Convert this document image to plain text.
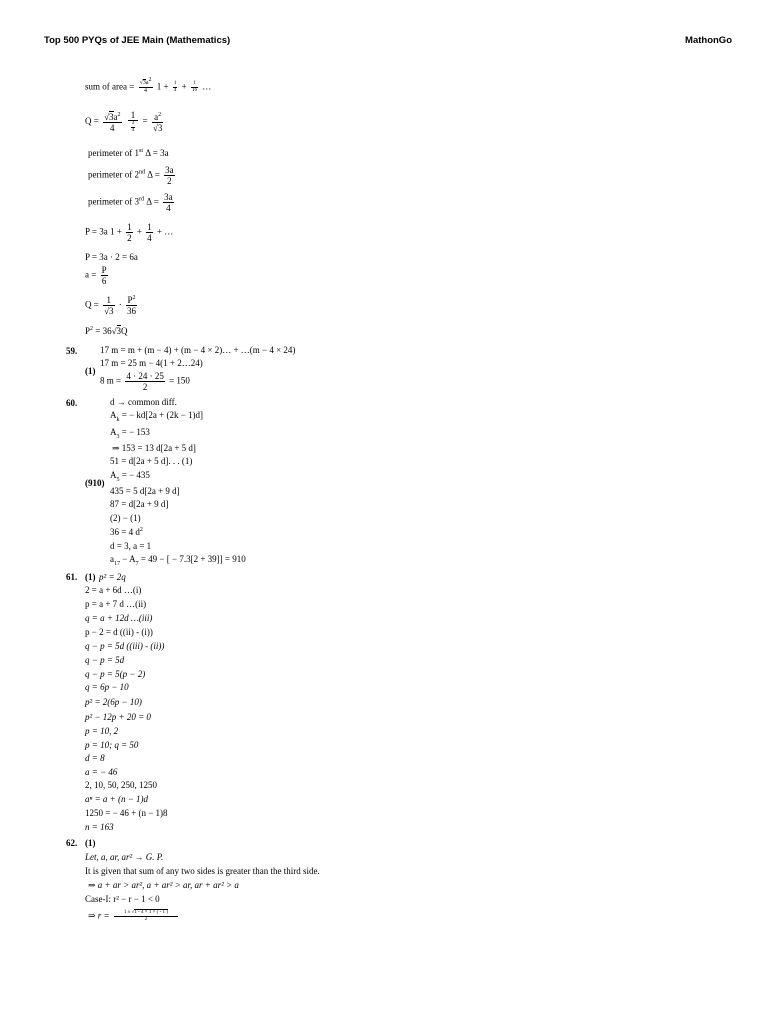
Top 500 PYQs of JEE Main (Mathematics)	MathonGo
sum of area = $\frac{√3a^2}{4} 1 + \frac{1}{4} + \frac{1}{16}$ …
$Q = \frac{√3a^2}{4}$
$\frac{1}{\frac{3}{4}} = \frac{a^2}{√3}$
perimeter of 1st Δ = 3a
perimeter of 2nd $\Delta = \frac{3a}{2}$
perimeter of 3rd $\Delta = \frac{3a}{4}$
P = 3a $1 + \frac{1}{2} + \frac{1}{4}$ + …
P = 3a · 2 = 6a
$a = \frac{P}{6}$
$Q = \frac{1}{√3} \cdot \frac{P^2}{36}$
$P^2 = 36√3Q$
59.
(1)
17 m = m + (m − 4) + (m − 4 × 2)… + …(m − 4 × 24)
17 m = 25 m − 4(1 + 2…24)
8 $m = \frac{4 \cdot 24 \cdot 25}{2} = 150$
60.
(910)
d → common diff.
$A_k$ = − kd[2a + (2k − 1)d]
$A_3$ = − 153
⇒ 153 = 13 d[2a + 5 d]
51 = d[2a + 5 d]. . . (1)
$A_5$ = − 435
435 = 5 d[2a + 9 d]
87 = d[2a + 9 d]
(2) − (1)
36 = 4 $d^2$
d = 3, a = 1
$a_{17} - A_7 = 49$ − [ − 7.3[2 + 39]] = 910
61. (1) p² = 2q
2 = a + 6d …(i)
p = a + 7 d …(ii)
q = a + 12d …(iii)
p − 2 = d ((ii) - (i))
q − p = 5d ((iii) - (ii))
q − p = 5d
q − p = 5(p − 2)
q = 6p − 10
p² = 2(6p − 10)
p² − 12p + 20 = 0
p = 10, 2
p = 10; q = 50
d = 8
a = − 46
2, 10, 50, 250, 1250
aⁿ = a + (n − 1)d
1250 = − 46 + (n − 1)8
n = 163
62. (1)
Let, a, ar, ar² → G. P.
It is given that sum of any two sides is greater than the third side.
⇒ a + ar > ar², a + ar² > ar, ar + ar² > a
Case-I: r² − r − 1 < 0
⇒ $r = \frac{1 \pm √1 - 4 \times 1 \times ( - 1 )}{2}$
